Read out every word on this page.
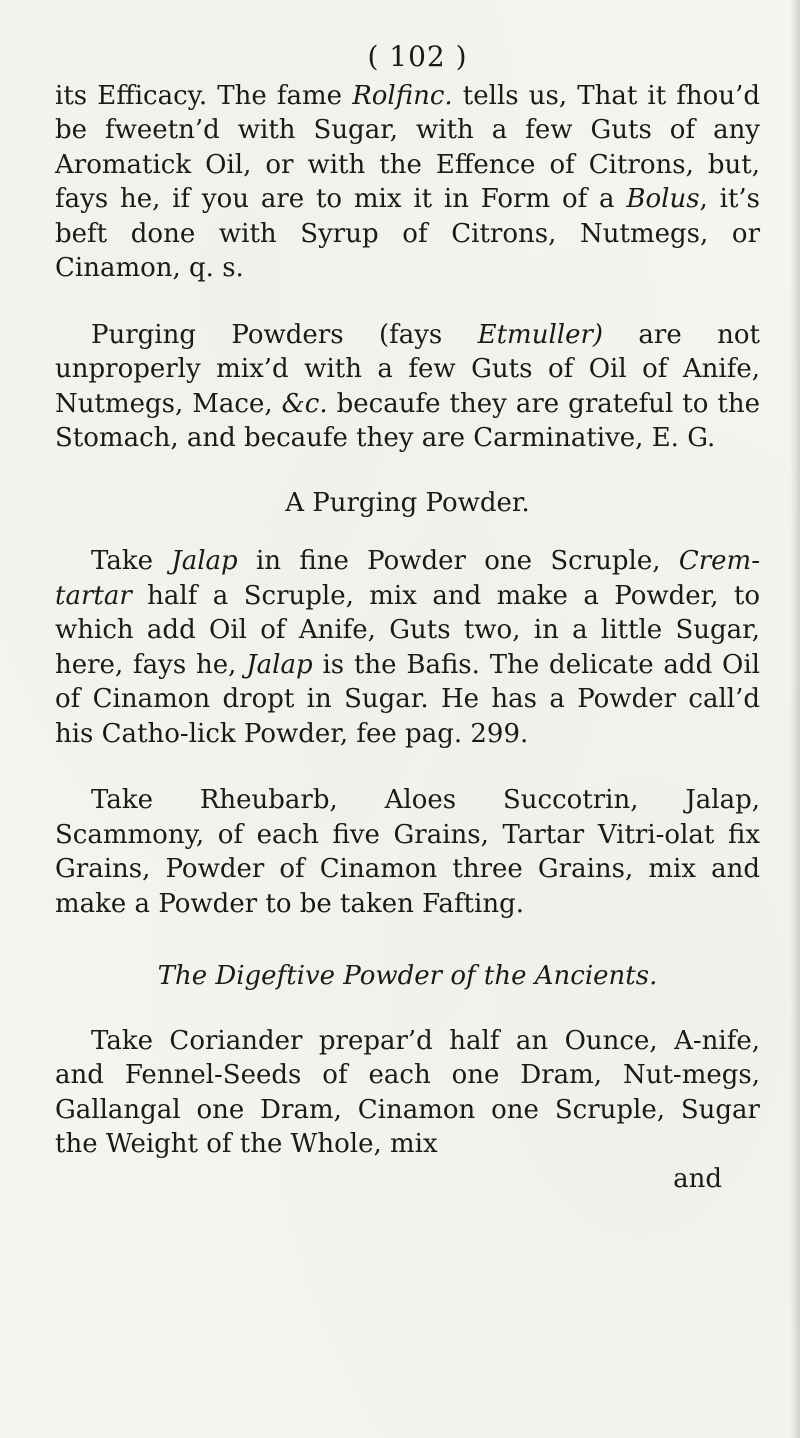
( 102 )

its Efficacy. The fame Rolfinc. tells us, That it fhou’d be fweetn’d with Sugar, with a few Guts of any Aromatick Oil, or with the Effence of Citrons, but, fays he, if you are to mix it in Form of a Bolus, it’s beft done with Syrup of Citrons, Nutmegs, or Cinamon, q. s.

Purging Powders (fays Etmuller) are not unproperly mix’d with a few Guts of Oil of Anife, Nutmegs, Mace, &c. becaufe they are grateful to the Stomach, and becaufe they are Carminative, E. G.

A Purging Powder.

Take Jalap in fine Powder one Scruple, Crem-tartar half a Scruple, mix and make a Powder, to which add Oil of Anife, Guts two, in a little Sugar, here, fays he, Jalap is the Bafis. The delicate add Oil of Cinamon dropt in Sugar. He has a Powder call’d his Catho-lick Powder, fee pag. 299.

Take Rheubarb, Aloes Succotrin, Jalap, Scammony, of each five Grains, Tartar Vitri-olat fix Grains, Powder of Cinamon three Grains, mix and make a Powder to be taken Fafting.

The Digeftive Powder of the Ancients.

Take Coriander prepar’d half an Ounce, A-nife, and Fennel-Seeds of each one Dram, Nut-megs, Gallangal one Dram, Cinamon one Scruple, Sugar the Weight of the Whole, mix

and
